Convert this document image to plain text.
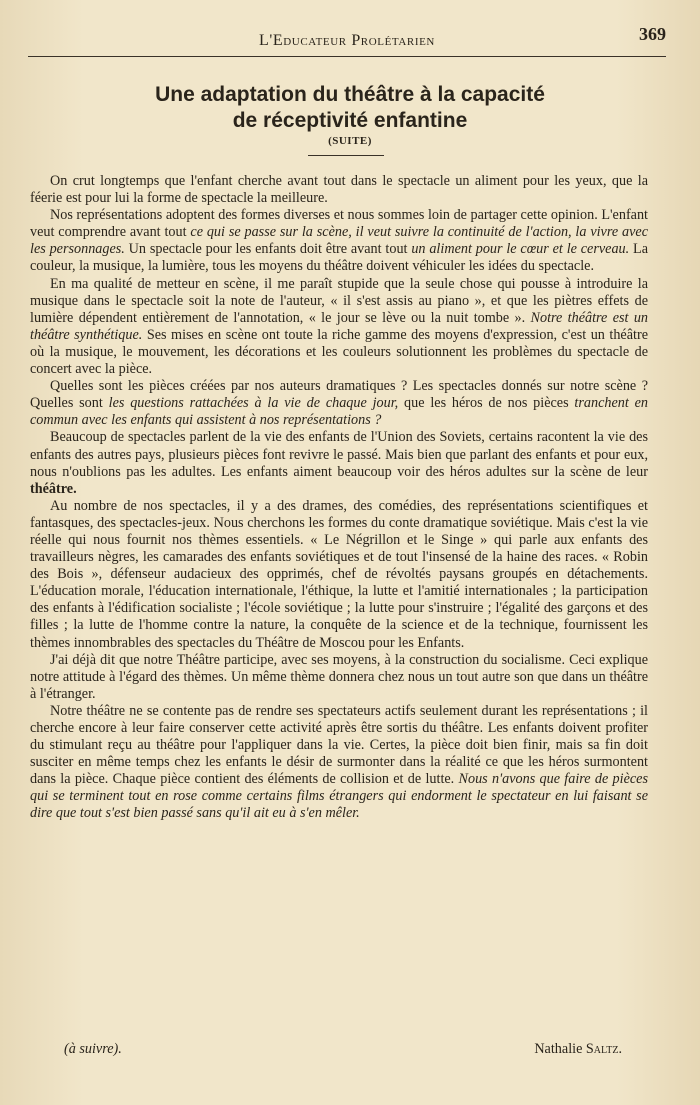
L'Educateur Prolétarien	369
Une adaptation du théâtre à la capacité
de réceptivité enfantine
(SUITE)

On crut longtemps que l'enfant cherche avant tout dans le spectacle un aliment pour les yeux, que la féerie est pour lui la forme de spectacle la meilleure.

Nos représentations adoptent des formes diverses et nous sommes loin de partager cette opinion. L'enfant veut comprendre avant tout ce qui se passe sur la scène, il veut suivre la continuité de l'action, la vivre avec les personnages. Un spectacle pour les enfants doit être avant tout un aliment pour le cœur et le cerveau. La couleur, la musique, la lumière, tous les moyens du théâtre doivent véhiculer les idées du spectacle.

En ma qualité de metteur en scène, il me paraît stupide que la seule chose qui pousse à introduire la musique dans le spectacle soit la note de l'auteur, « il s'est assis au piano », et que les piètres effets de lumière dépendent entièrement de l'annotation, « le jour se lève ou la nuit tombe ». Notre théâtre est un théâtre synthétique. Ses mises en scène ont toute la riche gamme des moyens d'expression, c'est un théâtre où la musique, le mouvement, les décorations et les couleurs solutionnent les problèmes du spectacle de concert avec la pièce.

Quelles sont les pièces créées par nos auteurs dramatiques ? Les spectacles donnés sur notre scène ? Quelles sont les questions rattachées à la vie de chaque jour, que les héros de nos pièces tranchent en commun avec les enfants qui assistent à nos représentations ?

Beaucoup de spectacles parlent de la vie des enfants de l'Union des Soviets, certains racontent la vie des enfants des autres pays, plusieurs pièces font revivre le passé. Mais bien que parlant des enfants et pour eux, nous n'oublions pas les adultes. Les enfants aiment beaucoup voir des héros adultes sur la scène de leur théâtre.

Au nombre de nos spectacles, il y a des drames, des comédies, des représentations scientifiques et fantasques, des spectacles-jeux. Nous cherchons les formes du conte dramatique soviétique. Mais c'est la vie réelle qui nous fournit nos thèmes essentiels. « Le Négrillon et le Singe » qui parle aux enfants des travailleurs nègres, les camarades des enfants soviétiques et de tout l'insensé de la haine des races. « Robin des Bois », défenseur audacieux des opprimés, chef de révoltés paysans groupés en détachements. L'éducation morale, l'éducation internationale, l'éthique, la lutte et l'amitié internationales ; la participation des enfants à l'édification socialiste ; l'école soviétique ; la lutte pour s'instruire ; l'égalité des garçons et des filles ; la lutte de l'homme contre la nature, la conquête de la science et de la technique, fournissent les thèmes innombrables des spectacles du Théâtre de Moscou pour les Enfants.

J'ai déjà dit que notre Théâtre participe, avec ses moyens, à la construction du socialisme. Ceci explique notre attitude à l'égard des thèmes. Un même thème donnera chez nous un tout autre son que dans un théâtre à l'étranger.

Notre théâtre ne se contente pas de rendre ses spectateurs actifs seulement durant les représentations ; il cherche encore à leur faire conserver cette activité après être sortis du théâtre. Les enfants doivent profiter du stimulant reçu au théâtre pour l'appliquer dans la vie. Certes, la pièce doit bien finir, mais sa fin doit susciter en même temps chez les enfants le désir de surmonter dans la réalité ce que les héros surmontent dans la pièce. Chaque pièce contient des éléments de collision et de lutte. Nous n'avons que faire de pièces qui se terminent tout en rose comme certains films étrangers qui endorment le spectateur en lui faisant se dire que tout s'est bien passé sans qu'il ait eu à s'en mêler.

(à suivre).	Nathalie Saltz.
